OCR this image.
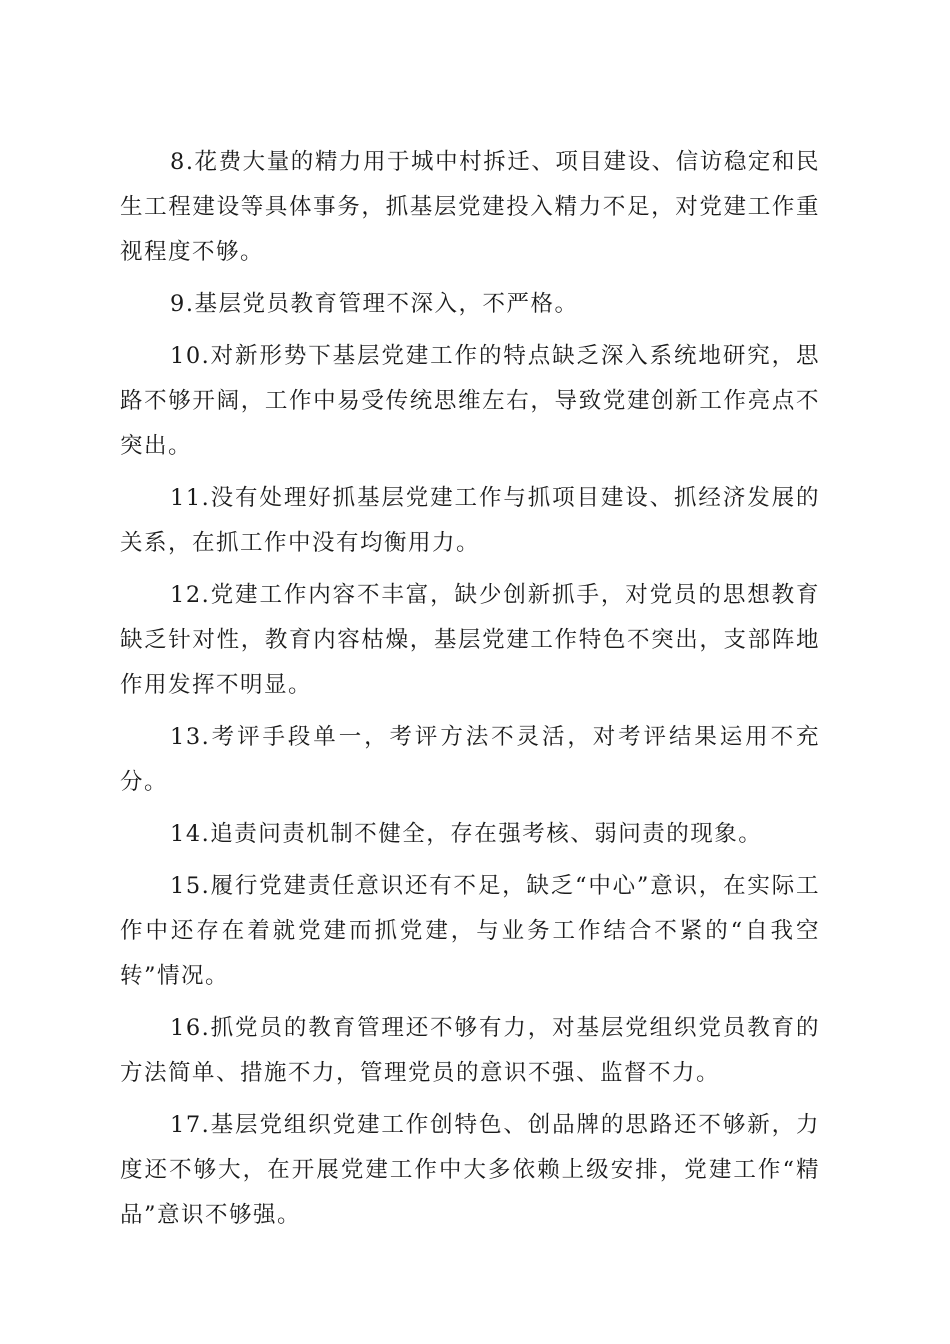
8.花费大量的精力用于城中村拆迁、项目建设、信访稳定和民生工程建设等具体事务，抓基层党建投入精力不足，对党建工作重视程度不够。

9.基层党员教育管理不深入，不严格。

10.对新形势下基层党建工作的特点缺乏深入系统地研究，思路不够开阔，工作中易受传统思维左右，导致党建创新工作亮点不突出。

11.没有处理好抓基层党建工作与抓项目建设、抓经济发展的关系，在抓工作中没有均衡用力。

12.党建工作内容不丰富，缺少创新抓手，对党员的思想教育缺乏针对性，教育内容枯燥，基层党建工作特色不突出，支部阵地作用发挥不明显。

13.考评手段单一，考评方法不灵活，对考评结果运用不充分。

14.追责问责机制不健全，存在强考核、弱问责的现象。

15.履行党建责任意识还有不足，缺乏“中心”意识，在实际工作中还存在着就党建而抓党建，与业务工作结合不紧的“自我空转”情况。

16.抓党员的教育管理还不够有力，对基层党组织党员教育的方法简单、措施不力，管理党员的意识不强、监督不力。

17.基层党组织党建工作创特色、创品牌的思路还不够新，力度还不够大，在开展党建工作中大多依赖上级安排，党建工作“精品”意识不够强。
